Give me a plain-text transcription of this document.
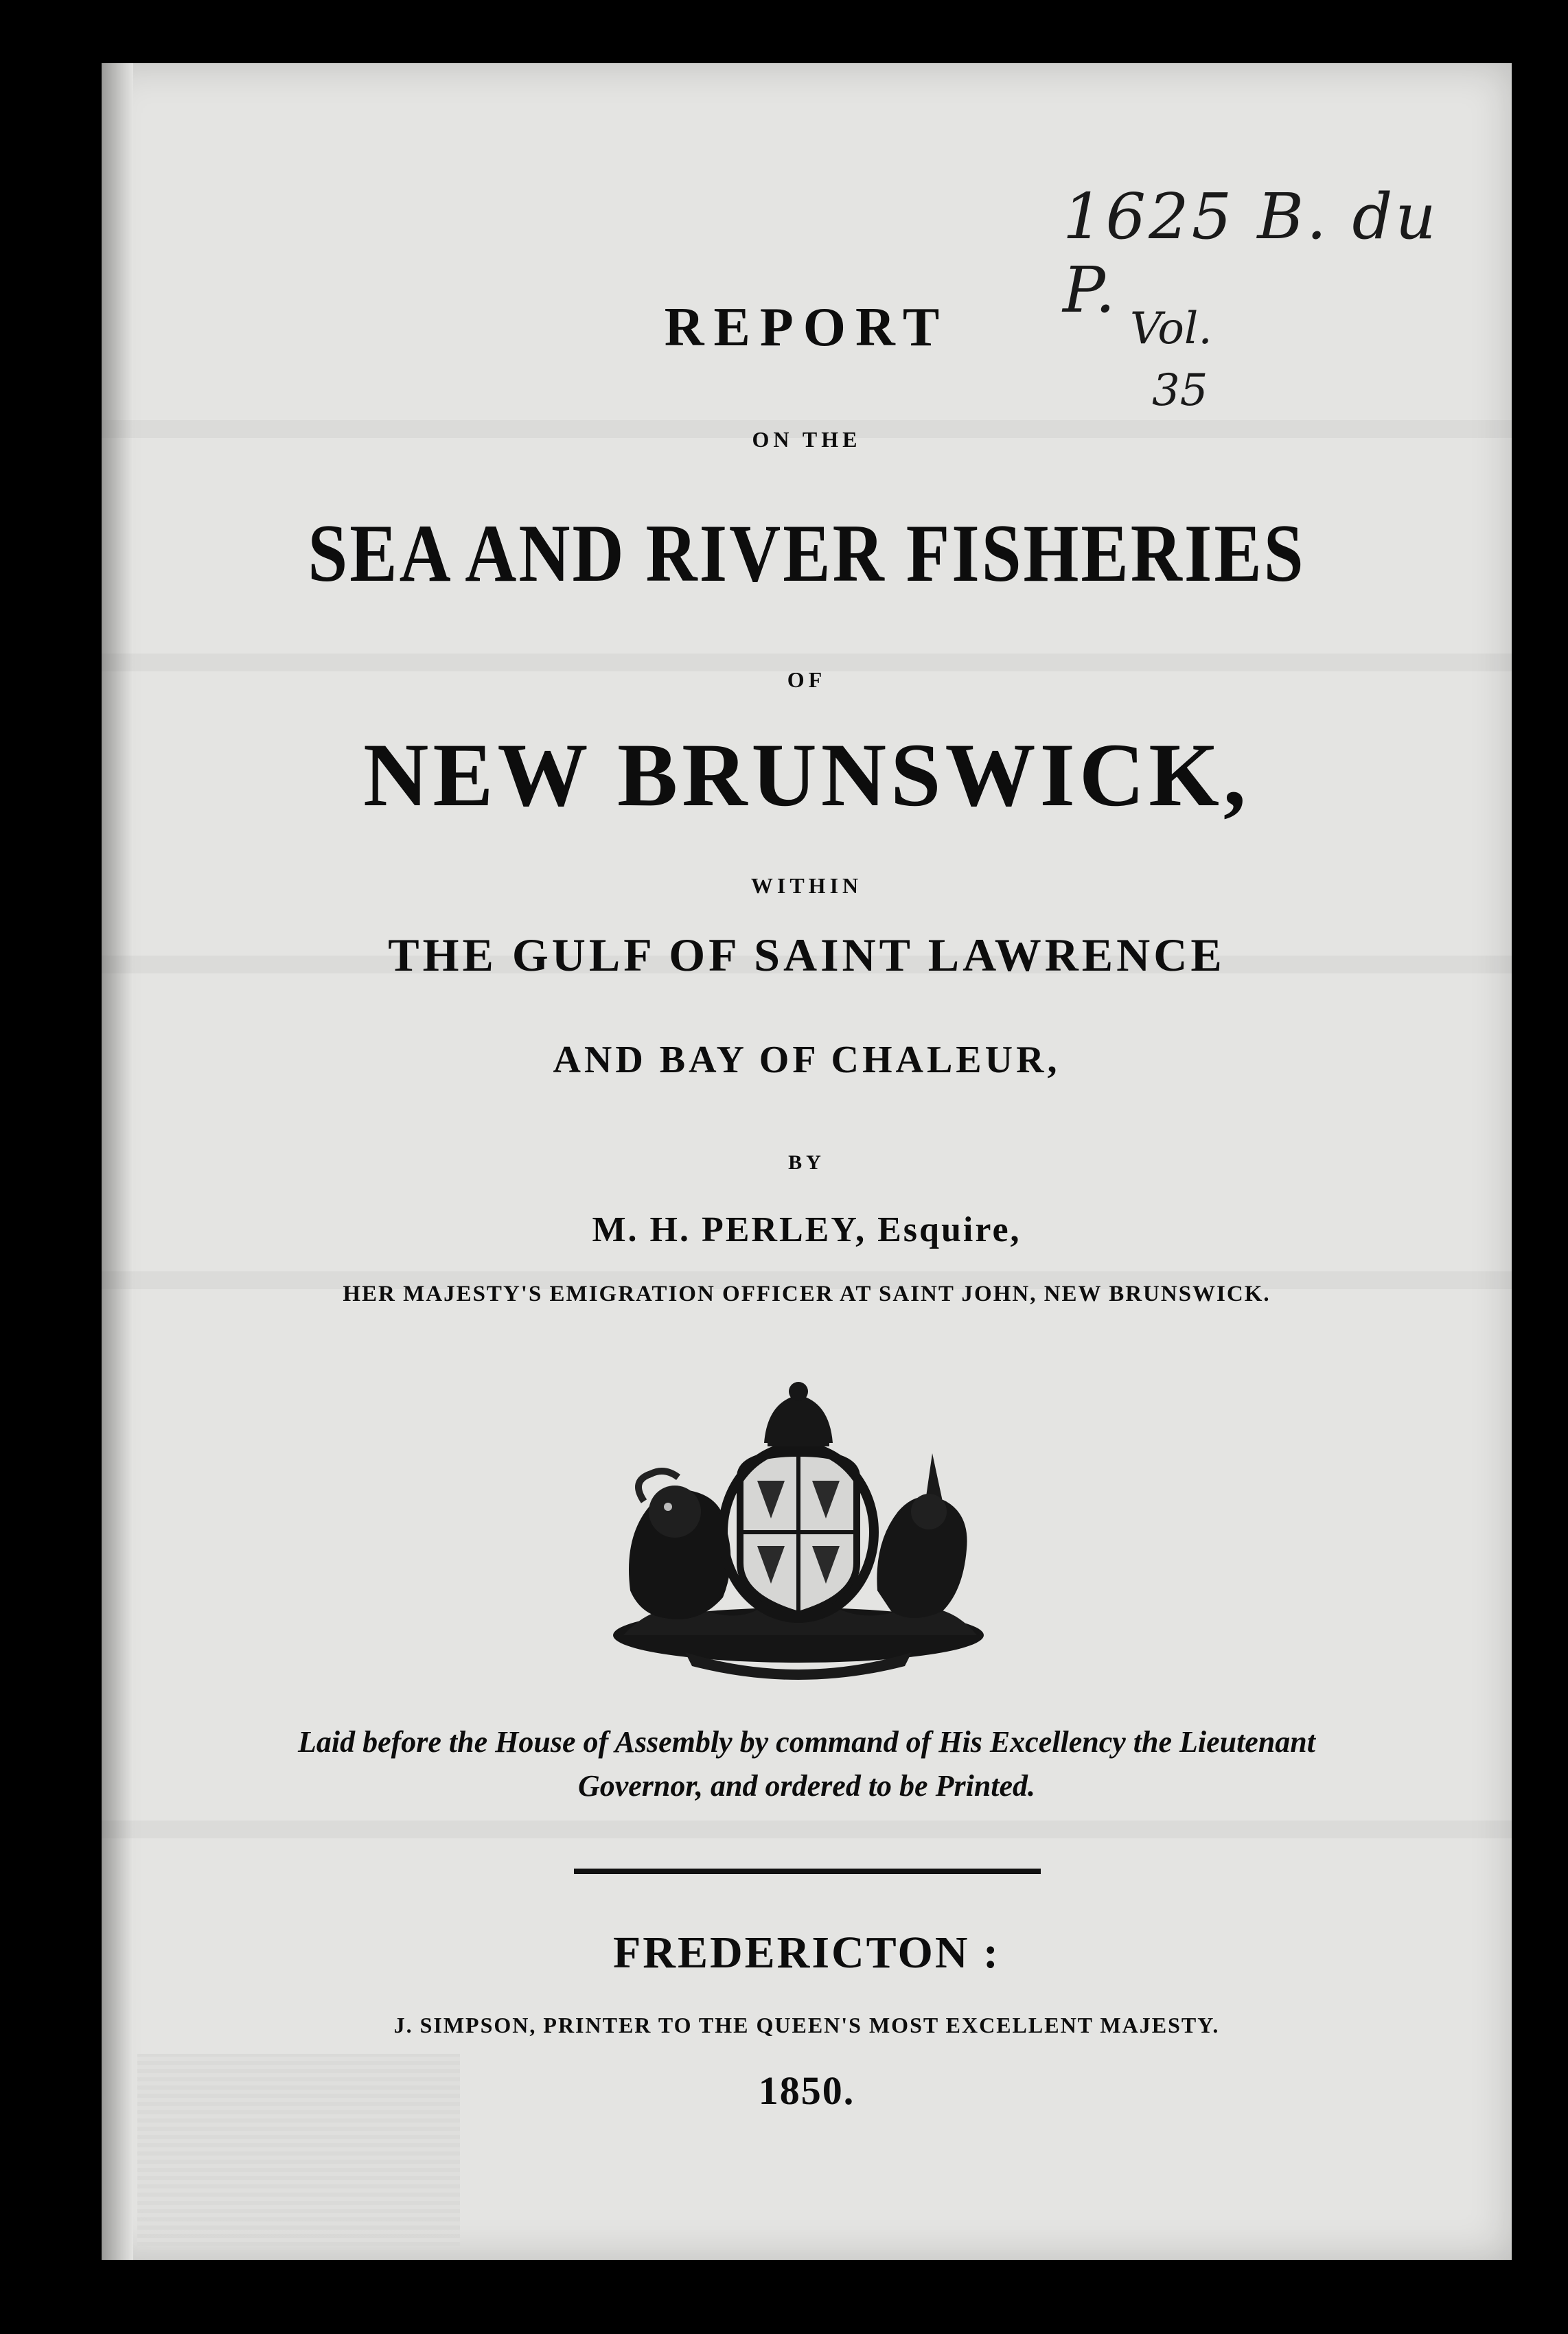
1625 B. du P.
Vol.
35
REPORT
ON THE
SEA AND RIVER FISHERIES
OF
NEW BRUNSWICK,
WITHIN
THE GULF OF SAINT LAWRENCE
AND BAY OF CHALEUR,
BY
M. H. PERLEY, Esquire,
HER MAJESTY'S EMIGRATION OFFICER AT SAINT JOHN, NEW BRUNSWICK.
Laid before the House of Assembly by command of His Excellency the Lieutenant
Governor, and ordered to be Printed.
FREDERICTON :
J. SIMPSON, PRINTER TO THE QUEEN'S MOST EXCELLENT MAJESTY.
1850.
